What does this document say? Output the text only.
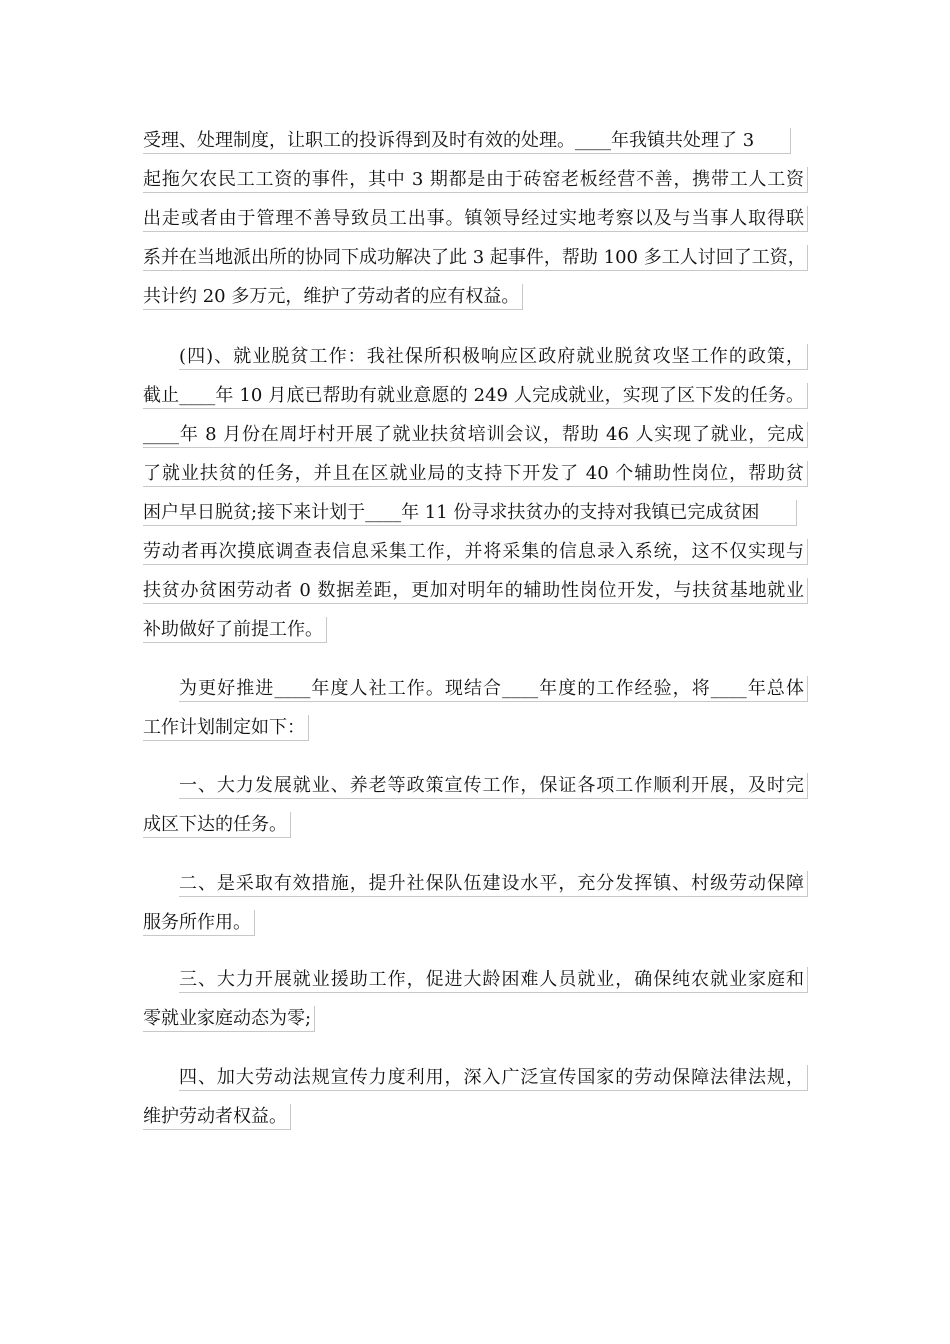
受理、处理制度，让职工的投诉得到及时有效的处理。____年我镇共处理了 3
起拖欠农民工工资的事件，其中 3 期都是由于砖窑老板经营不善，携带工人工资
出走或者由于管理不善导致员工出事。镇领导经过实地考察以及与当事人取得联
系并在当地派出所的协同下成功解决了此 3 起事件，帮助 100 多工人讨回了工资，
共计约 20 多万元，维护了劳动者的应有权益。
(四)、就业脱贫工作：我社保所积极响应区政府就业脱贫攻坚工作的政策，
截止____年 10 月底已帮助有就业意愿的 249 人完成就业，实现了区下发的任务。
____年 8 月份在周圩村开展了就业扶贫培训会议，帮助 46 人实现了就业，完成
了就业扶贫的任务，并且在区就业局的支持下开发了 40 个辅助性岗位，帮助贫
困户早日脱贫;接下来计划于____年 11 份寻求扶贫办的支持对我镇已完成贫困
劳动者再次摸底调查表信息采集工作，并将采集的信息录入系统，这不仅实现与
扶贫办贫困劳动者 0 数据差距，更加对明年的辅助性岗位开发，与扶贫基地就业
补助做好了前提工作。
为更好推进____年度人社工作。现结合____年度的工作经验，将____年总体
工作计划制定如下：
一、大力发展就业、养老等政策宣传工作，保证各项工作顺利开展，及时完
成区下达的任务。
二、是采取有效措施，提升社保队伍建设水平，充分发挥镇、村级劳动保障
服务所作用。
三、大力开展就业援助工作，促进大龄困难人员就业，确保纯农就业家庭和
零就业家庭动态为零;
四、加大劳动法规宣传力度利用，深入广泛宣传国家的劳动保障法律法规，
维护劳动者权益。
